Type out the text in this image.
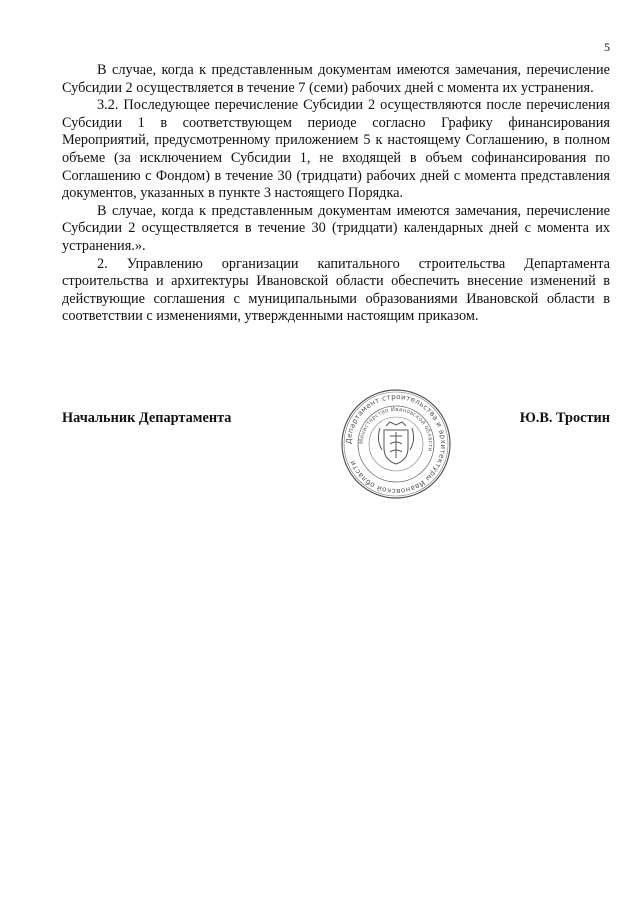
5

В случае, когда к представленным документам имеются замечания, перечисление Субсидии 2 осуществляется в течение 7 (семи) рабочих дней с момента их устранения.

3.2. Последующее перечисление Субсидии 2 осуществляются после перечисления Субсидии 1 в соответствующем периоде согласно Графику финансирования Мероприятий, предусмотренному приложением 5 к настоящему Соглашению, в полном объеме (за исключением Субсидии 1, не входящей в объем софинансирования по Соглашению с Фондом) в течение 30 (тридцати) рабочих дней с момента представления документов, указанных в пункте 3 настоящего Порядка.

В случае, когда к представленным документам имеются замечания, перечисление Субсидии 2 осуществляется в течение 30 (тридцати) календарных дней с момента их устранения.».

2. Управлению организации капитального строительства Департамента строительства и архитектуры Ивановской области обеспечить внесение изменений в действующие соглашения с муниципальными образованиями Ивановской области в соответствии с изменениями, утвержденными настоящим приказом.

Начальник Департамента	Ю.В. Тростин
Департамент строительства и архитектуры Ивановской области
Министерство Ивановской области
